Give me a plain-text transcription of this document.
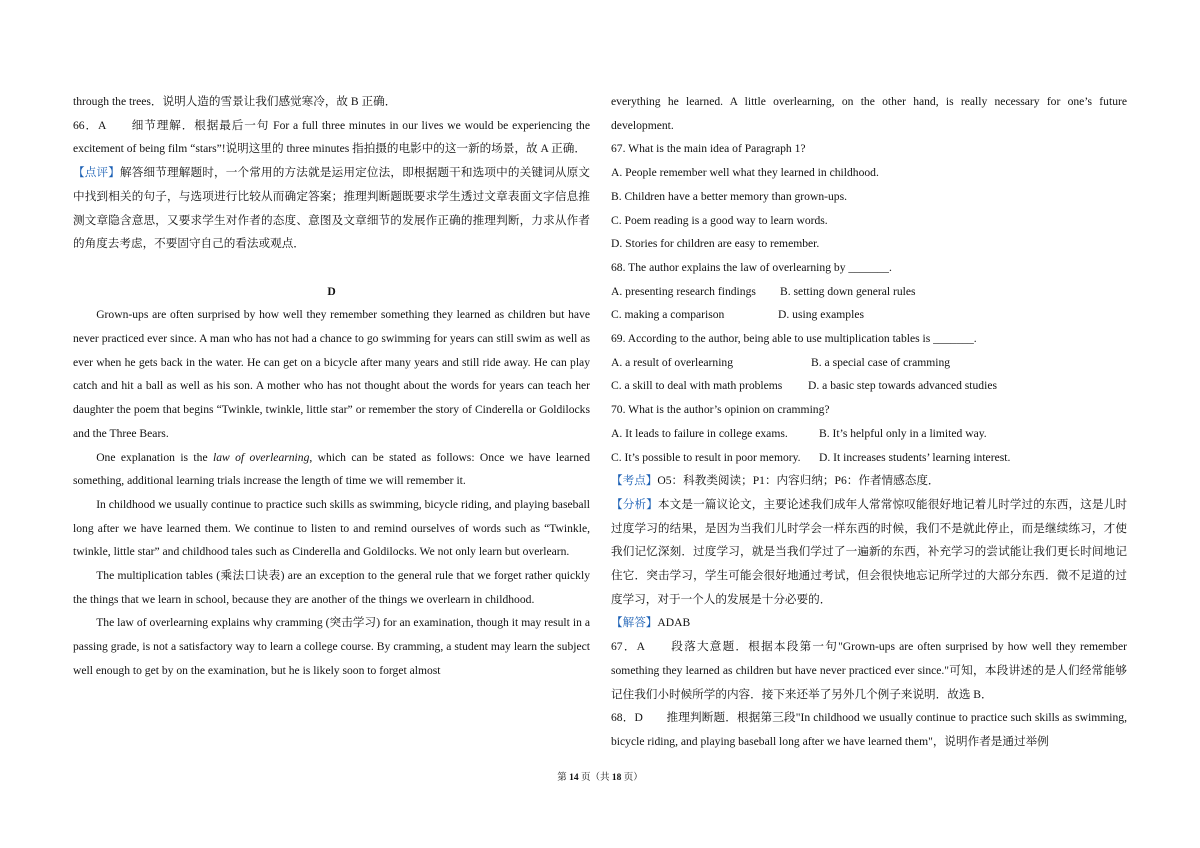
through the trees．说明人造的雪景让我们感觉寒冷，故 B 正确．

66．A　　细节理解．根据最后一句 For a full three minutes in our lives we would be experiencing the excitement of being film “stars”!说明这里的 three minutes 指拍摄的电影中的这一新的场景，故 A 正确．

【点评】解答细节理解题时，一个常用的方法就是运用定位法，即根据题干和选项中的关键词从原文中找到相关的句子，与选项进行比较从而确定答案；推理判断题既要求学生透过文章表面文字信息推测文章隐含意思，又要求学生对作者的态度、意图及文章细节的发展作正确的推理判断，力求从作者的角度去考虑，不要固守自己的看法或观点．

D

Grown-ups are often surprised by how well they remember something they learned as children but have never practiced ever since. A man who has not had a chance to go swimming for years can still swim as well as ever when he gets back in the water. He can get on a bicycle after many years and still ride away. He can play catch and hit a ball as well as his son. A mother who has not thought about the words for years can teach her daughter the poem that begins “Twinkle, twinkle, little star” or remember the story of Cinderella or Goldilocks and the Three Bears.

One explanation is the law of overlearning, which can be stated as follows: Once we have learned something, additional learning trials increase the length of time we will remember it.

In childhood we usually continue to practice such skills as swimming, bicycle riding, and playing baseball long after we have learned them. We continue to listen to and remind ourselves of words such as “Twinkle, twinkle, little star” and childhood tales such as Cinderella and Goldilocks. We not only learn but overlearn.

The multiplication tables (乘法口诀表) are an exception to the general rule that we forget rather quickly the things that we learn in school, because they are another of the things we overlearn in childhood.

The law of overlearning explains why cramming (突击学习) for an examination, though it may result in a passing grade, is not a satisfactory way to learn a college course. By cramming, a student may learn the subject well enough to get by on the examination, but he is likely soon to forget almost

everything he learned. A little overlearning, on the other hand, is really necessary for one’s future development.

67. What is the main idea of Paragraph 1?

A. People remember well what they learned in childhood.

B. Children have a better memory than grown-ups.

C. Poem reading is a good way to learn words.

D. Stories for children are easy to remember.

68. The author explains the law of overlearning by _______.

A. presenting research findings	B. setting down general rules
C. making a comparison	D. using examples

69. According to the author, being able to use multiplication tables is _______.

A. a result of overlearning	B. a special case of cramming
C. a skill to deal with math problems	D. a basic step towards advanced studies

70. What is the author’s opinion on cramming?

A. It leads to failure in college exams.	B. It’s helpful only in a limited way.
C. It’s possible to result in poor memory.	D. It increases students’ learning interest.

【考点】O5：科教类阅读；P1：内容归纳；P6：作者情感态度．

【分析】本文是一篇议论文，主要论述我们成年人常常惊叹能很好地记着儿时学过的东西，这是儿时过度学习的结果，是因为当我们儿时学会一样东西的时候，我们不是就此停止，而是继续练习，才使我们记忆深刻．过度学习，就是当我们学过了一遍新的东西，补充学习的尝试能让我们更长时间地记住它．突击学习，学生可能会很好地通过考试，但会很快地忘记所学过的大部分东西．微不足道的过度学习，对于一个人的发展是十分必要的．

【解答】ADAB

67．A　　段落大意题．根据本段第一句"Grown-ups are often surprised by how well they remember something they learned as children but have never practiced ever since."可知，本段讲述的是人们经常能够记住我们小时候所学的内容．接下来还举了另外几个例子来说明．故选 B．

68．D　　推理判断题．根据第三段"In childhood we usually continue to practice such skills as swimming, bicycle riding, and playing baseball long after we have learned them"，说明作者是通过举例

第 14 页（共 18 页）
